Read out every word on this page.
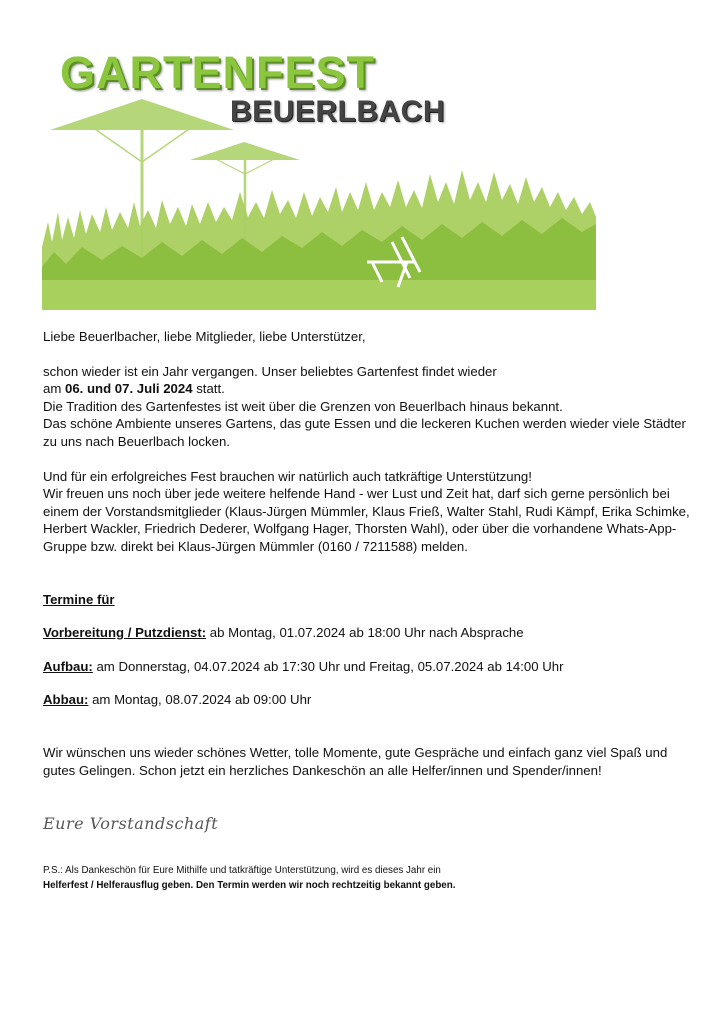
GARTENFEST
BEUERLBACH

Liebe Beuerlbacher, liebe Mitglieder, liebe Unterstützer,

schon wieder ist ein Jahr vergangen. Unser beliebtes Gartenfest findet wieder

am 06. und 07. Juli 2024 statt.

Die Tradition des Gartenfestes ist weit über die Grenzen von Beuerlbach hinaus bekannt.

Das schöne Ambiente unseres Gartens, das gute Essen und die leckeren Kuchen werden wieder viele Städter zu uns nach Beuerlbach locken.

Und für ein erfolgreiches Fest brauchen wir natürlich auch tatkräftige Unterstützung!

Wir freuen uns noch über jede weitere helfende Hand - wer Lust und Zeit hat, darf sich gerne persönlich bei einem der Vorstandsmitglieder (Klaus-Jürgen Mümmler, Klaus Frieß, Walter Stahl, Rudi Kämpf, Erika Schimke, Herbert Wackler, Friedrich Dederer, Wolfgang Hager, Thorsten Wahl), oder über die vorhandene Whats-App-Gruppe bzw. direkt bei Klaus-Jürgen Mümmler (0160 / 7211588) melden.

Termine für

Vorbereitung / Putzdienst: ab Montag, 01.07.2024 ab 18:00 Uhr nach Absprache

Aufbau: am Donnerstag, 04.07.2024 ab 17:30 Uhr und Freitag, 05.07.2024 ab 14:00 Uhr

Abbau: am Montag, 08.07.2024 ab 09:00 Uhr

Wir wünschen uns wieder schönes Wetter, tolle Momente, gute Gespräche und einfach ganz viel Spaß und gutes Gelingen. Schon jetzt ein herzliches Dankeschön an alle Helfer/innen und Spender/innen!

Eure Vorstandschaft
P.S.: Als Dankeschön für Eure Mithilfe und tatkräftige Unterstützung, wird es dieses Jahr ein
Helferfest / Helferausflug geben. Den Termin werden wir noch rechtzeitig bekannt geben.
